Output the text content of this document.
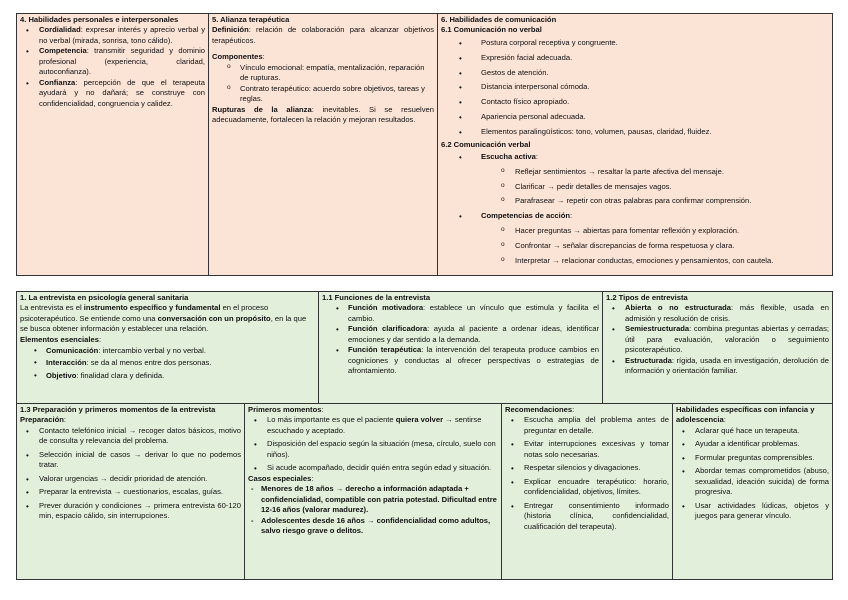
4. Habilidades personales e interpersonales

• Cordialidad: expresar interés y aprecio verbal y no verbal (mirada, sonrisa, tono cálido).
• Competencia: transmitir seguridad y dominio profesional (experiencia, claridad, autoconfianza).
• Confianza: percepción de que el terapeuta ayudará y no dañará; se construye con confidencialidad, congruencia y calidez.

5. Alianza terapéutica

Definición: relación de colaboración para alcanzar objetivos terapéuticos.

Componentes:

o Vínculo emocional: empatía, mentalización, reparación de rupturas.
o Contrato terapéutico: acuerdo sobre objetivos, tareas y reglas.

Rupturas de la alianza: inevitables. Si se resuelven adecuadamente, fortalecen la relación y mejoran resultados.

6. Habilidades de comunicación

6.1 Comunicación no verbal

• Postura corporal receptiva y congruente.
• Expresión facial adecuada.
• Gestos de atención.
• Distancia interpersonal cómoda.
• Contacto físico apropiado.
• Apariencia personal adecuada.
• Elementos paralingüísticos: tono, volumen, pausas, claridad, fluidez.

6.2 Comunicación verbal

• Escucha activa:
o Reflejar sentimientos → resaltar la parte afectiva del mensaje.
o Clarificar → pedir detalles de mensajes vagos.
o Parafrasear → repetir con otras palabras para confirmar comprensión.
• Competencias de acción:
o Hacer preguntas → abiertas para fomentar reflexión y exploración.
o Confrontar → señalar discrepancias de forma respetuosa y clara.
o Interpretar → relacionar conductas, emociones y pensamientos, con cautela.

1. La entrevista en psicología general sanitaria

La entrevista es el instrumento específico y fundamental en el proceso psicoterapéutico. Se entiende como una conversación con un propósito, en la que se busca obtener información y establecer una relación.

Elementos esenciales:

• Comunicación: intercambio verbal y no verbal.
• Interacción: se da al menos entre dos personas.
• Objetivo: finalidad clara y definida.

1.1 Funciones de la entrevista

• Función motivadora: establece un vínculo que estimula y facilita el cambio.
• Función clarificadora: ayuda al paciente a ordenar ideas, identificar emociones y dar sentido a la demanda.
• Función terapéutica: la intervención del terapeuta produce cambios en cogniciones y conductas al ofrecer perspectivas o estrategias de afrontamiento.

1.2 Tipos de entrevista

• Abierta o no estructurada: más flexible, usada en admisión y resolución de crisis.
• Semiestructurada: combina preguntas abiertas y cerradas; útil para evaluación, valoración o seguimiento psicoterapéutico.
• Estructurada: rígida, usada en investigación, derolución de información y orientación familiar.

1.3 Preparación y primeros momentos de la entrevista

Preparación:

• Contacto telefónico inicial → recoger datos básicos, motivo de consulta y relevancia del problema.
• Selección inicial de casos → derivar lo que no podemos tratar.
• Valorar urgencias → decidir prioridad de atención.
• Preparar la entrevista → cuestionarios, escalas, guías.
• Prever duración y condiciones → primera entrevista 60-120 min, espacio cálido, sin interrupciones.

Primeros momentos:

• Lo más importante es que el paciente quiera volver → sentirse escuchado y aceptado.
• Disposición del espacio según la situación (mesa, círculo, suelo con niños).
• Si acude acompañado, decidir quién entra según edad y situación.

Casos especiales:

- Menores de 18 años → derecho a información adaptada + confidencialidad, compatible con patria potestad. Dificultad entre 12-16 años (valorar madurez).
- Adolescentes desde 16 años → confidencialidad como adultos, salvo riesgo grave o delitos.

Recomendaciones:

• Escucha amplia del problema antes de preguntar en detalle.
• Evitar interrupciones excesivas y tomar notas solo necesarias.
• Respetar silencios y divagaciones.
• Explicar encuadre terapéutico: horario, confidencialidad, objetivos, límites.
• Entregar consentimiento informado (historia clínica, confidencialidad, cualificación del terapeuta).

Habilidades específicas con infancia y adolescencia:

• Aclarar qué hace un terapeuta.
• Ayudar a identificar problemas.
• Formular preguntas comprensibles.
• Abordar temas comprometidos (abuso, sexualidad, ideación suicida) de forma progresiva.
• Usar actividades lúdicas, objetos y juegos para generar vínculo.
